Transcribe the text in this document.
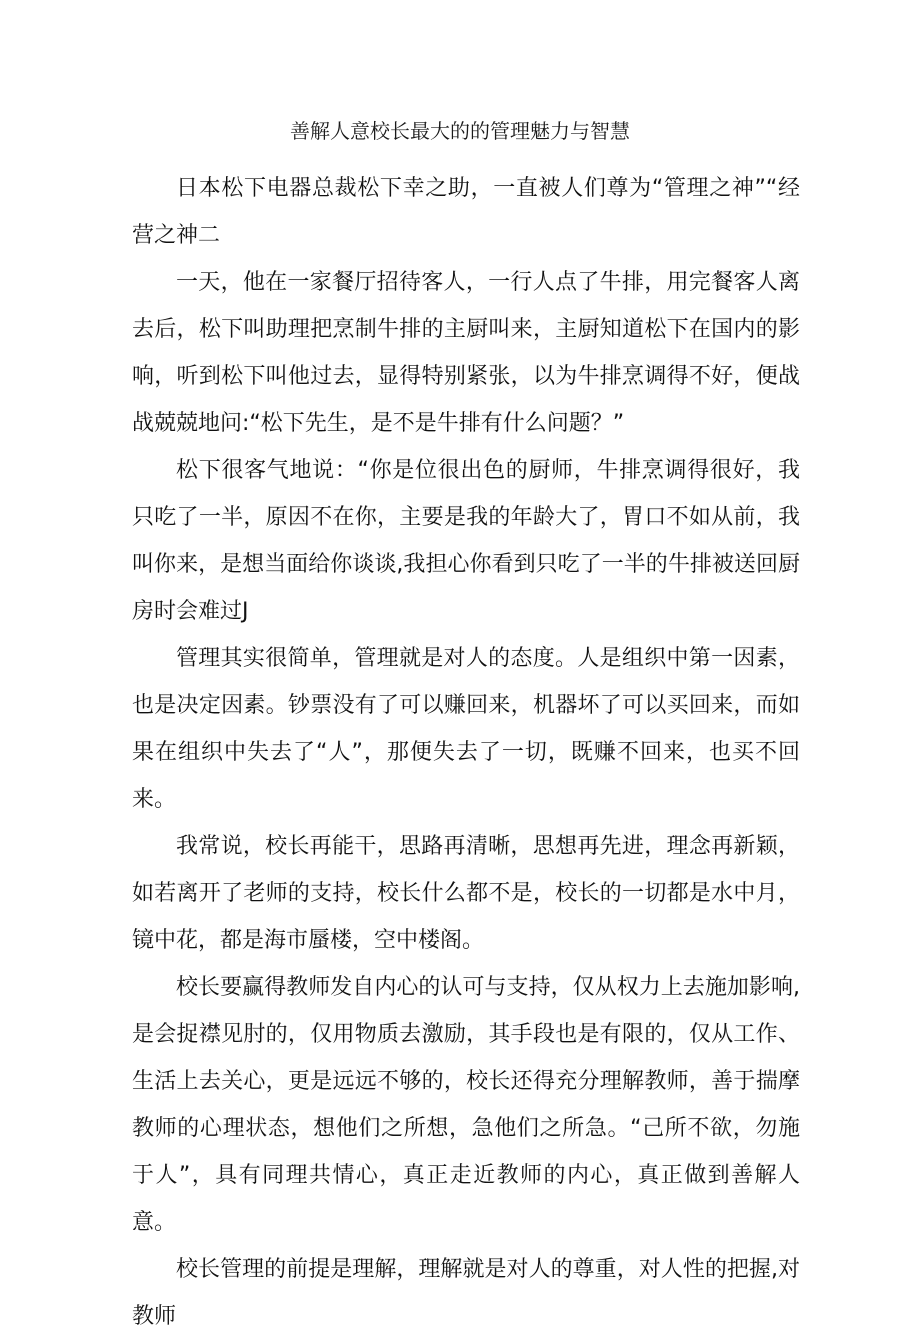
善解人意校长最大的的管理魅力与智慧

日本松下电器总裁松下幸之助，一直被人们尊为“管理之神”“经营之神二

一天，他在一家餐厅招待客人，一行人点了牛排，用完餐客人离去后，松下叫助理把烹制牛排的主厨叫来，主厨知道松下在国内的影响，听到松下叫他过去，显得特别紧张，以为牛排烹调得不好，便战战兢兢地问:“松下先生，是不是牛排有什么问题？”

松下很客气地说：“你是位很出色的厨师，牛排烹调得很好，我只吃了一半，原因不在你，主要是我的年龄大了，胃口不如从前，我叫你来，是想当面给你谈谈,我担心你看到只吃了一半的牛排被送回厨房时会难过J

管理其实很简单，管理就是对人的态度。人是组织中第一因素，也是决定因素。钞票没有了可以赚回来，机器坏了可以买回来，而如果在组织中失去了“人”，那便失去了一切，既赚不回来，也买不回来。

我常说，校长再能干，思路再清晰，思想再先进，理念再新颖，如若离开了老师的支持，校长什么都不是，校长的一切都是水中月，镜中花，都是海市蜃楼，空中楼阁。

校长要赢得教师发自内心的认可与支持，仅从权力上去施加影响,是会捉襟见肘的，仅用物质去激励，其手段也是有限的，仅从工作、生活上去关心，更是远远不够的，校长还得充分理解教师，善于揣摩教师的心理状态，想他们之所想，急他们之所急。“己所不欲，勿施于人”，具有同理共情心，真正走近教师的内心，真正做到善解人意。

校长管理的前提是理解，理解就是对人的尊重，对人性的把握,对教师
